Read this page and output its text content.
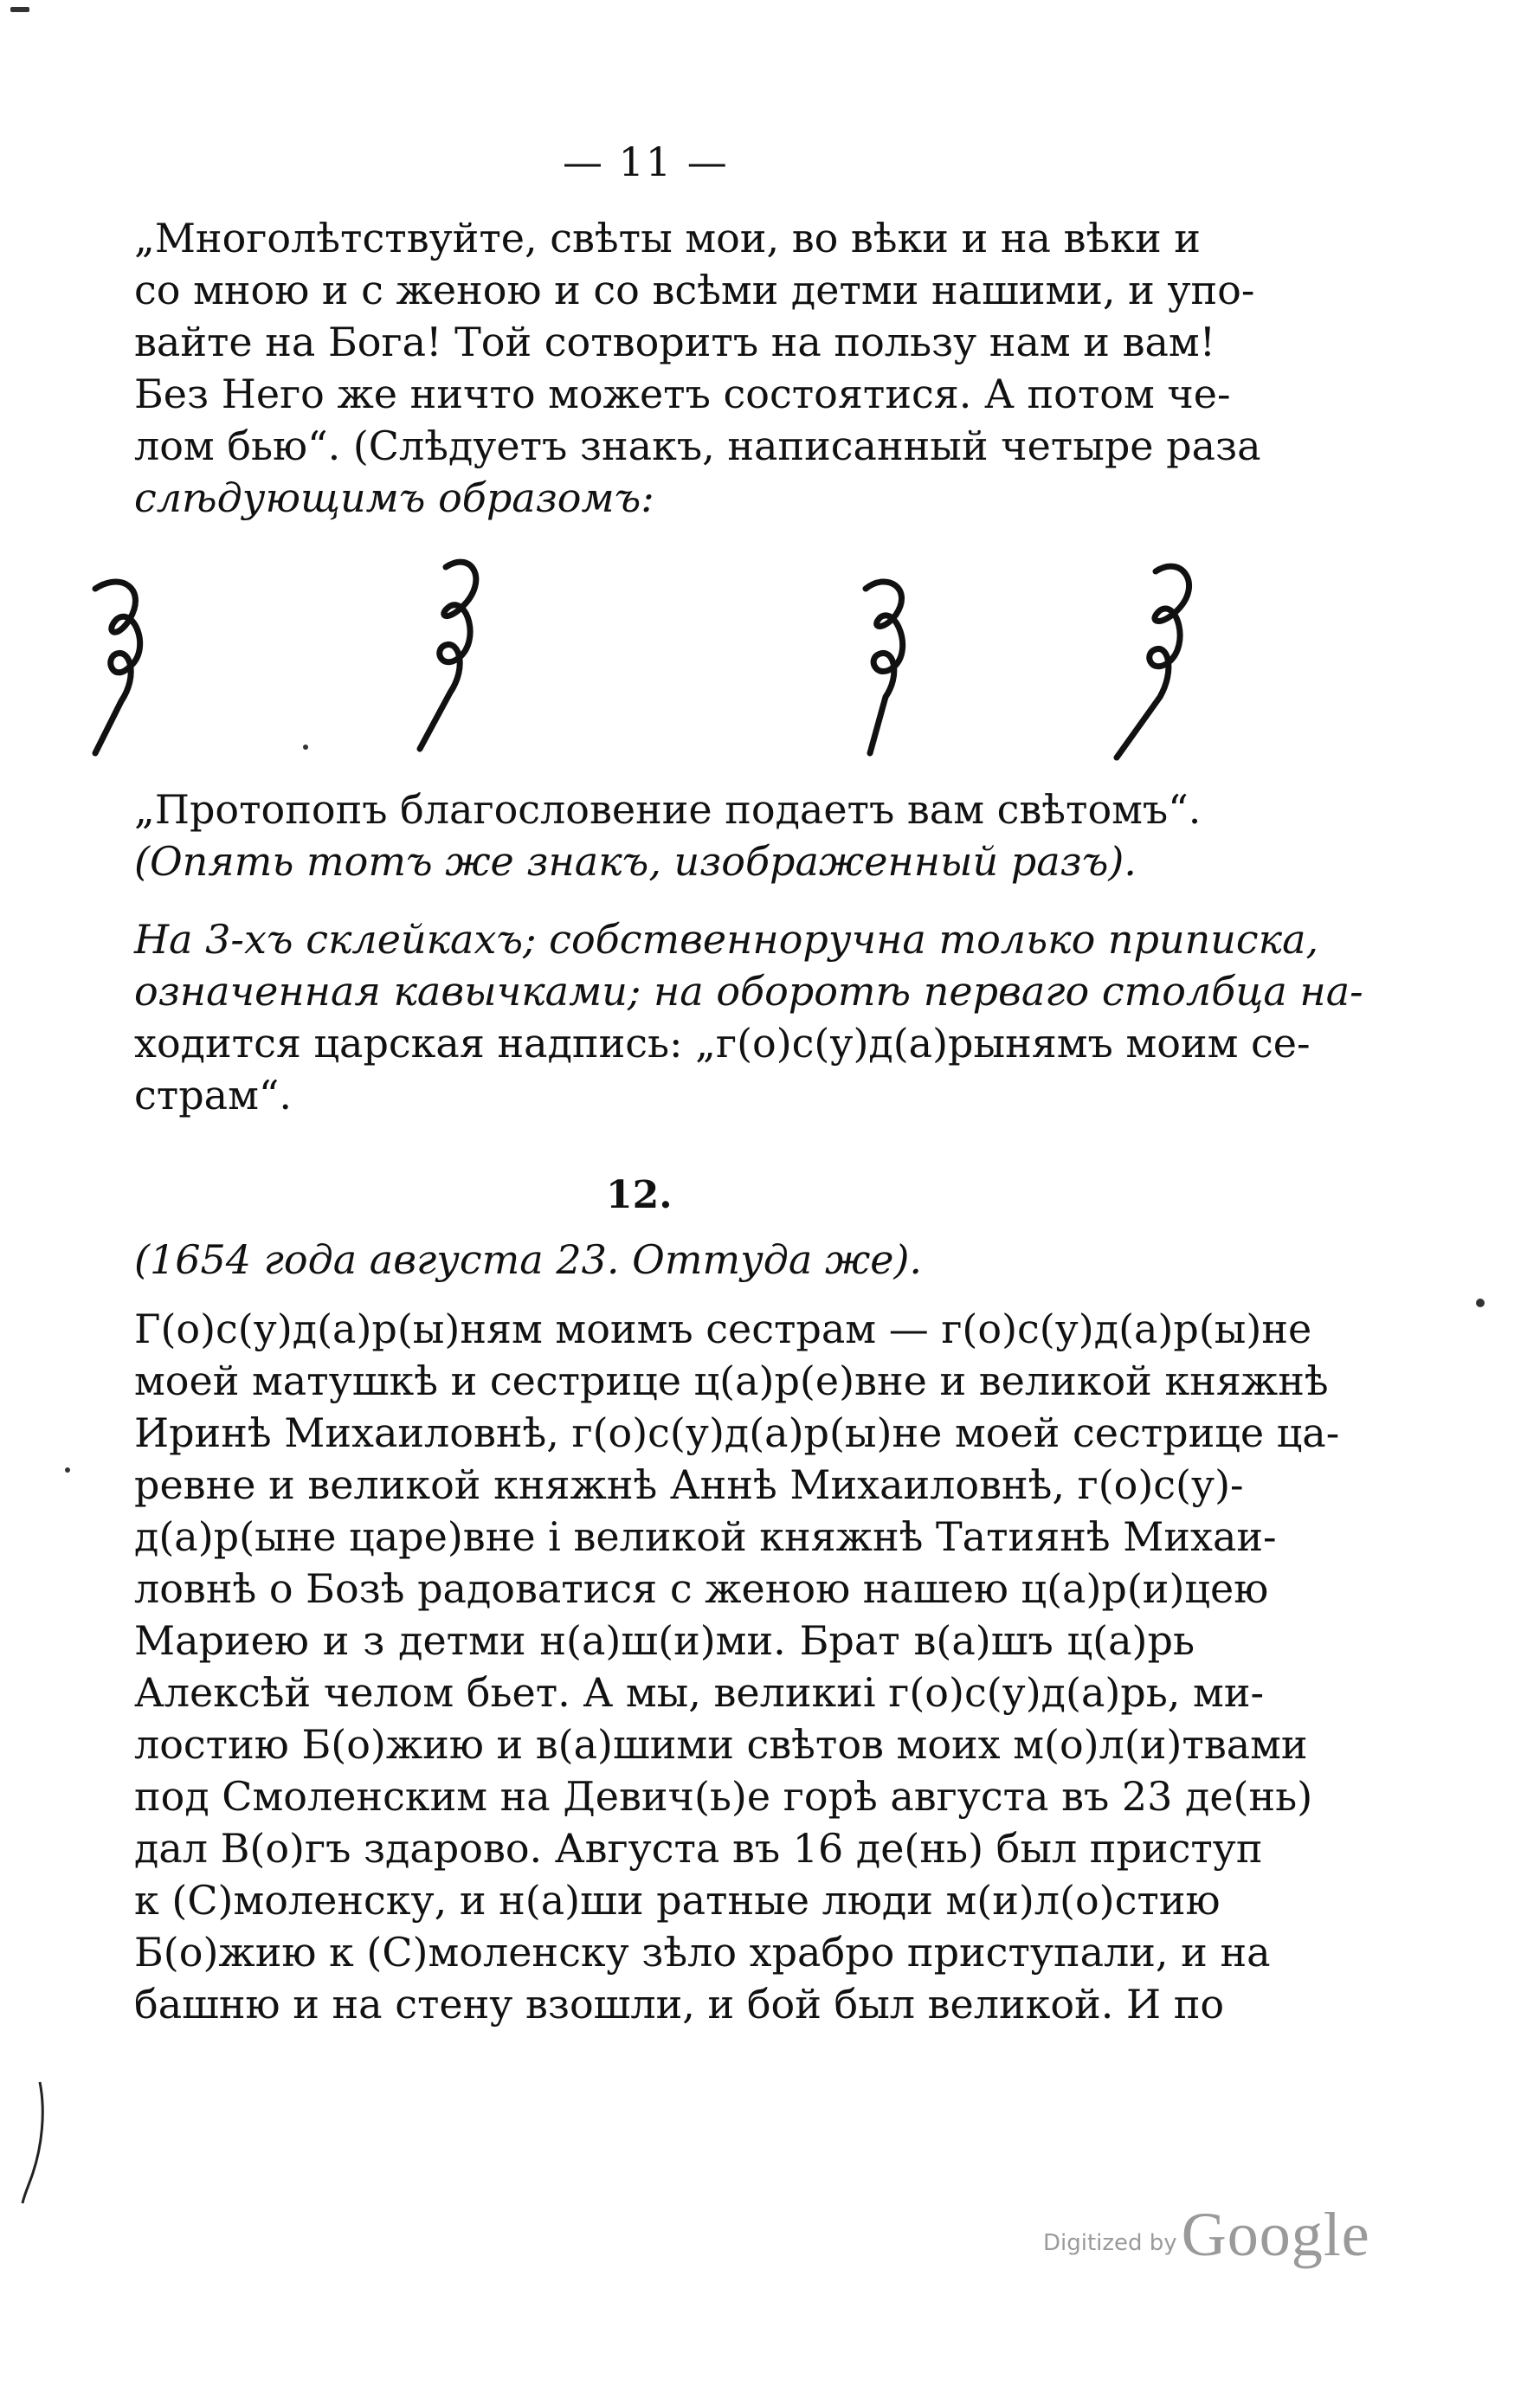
— 11 —
„Многолѣтствуйте, свѣты мои, во вѣки и на вѣки и
со мною и с женою и со всѣми детми нашими, и упо-
вайте на Бога! Той сотворитъ на пользу нам и вам!
Без Него же ничто можетъ состоятися. А потом че-
лом бью“. (Слѣдуетъ знакъ, написанный четыре раза
слѣдующимъ образомъ:
„Протопопъ благословение подаетъ вам свѣтомъ“.
(Опять тотъ же знакъ, изображенный разъ).
На 3-хъ склейкахъ; собственноручна только приписка,
означенная кавычками; на оборотѣ перваго столбца на-
ходится царская надпись: „г(о)с(у)д(а)рынямъ моим се-
страм“.
12.
(1654 года августа 23. Оттуда же).
Г(о)с(у)д(а)р(ы)ням моимъ сестрам — г(о)с(у)д(а)р(ы)не
моей матушкѣ и сестрице ц(а)р(е)вне и великой княжнѣ
Иринѣ Михаиловнѣ, г(о)с(у)д(а)р(ы)не моей сестрице ца-
ревне и великой княжнѣ Аннѣ Михаиловнѣ, г(о)с(у)-
д(а)р(ыне царе)вне і великой княжнѣ Татиянѣ Михаи-
ловнѣ о Бозѣ радоватися с женою нашею ц(а)р(и)цею
Мариею и з детми н(а)ш(и)ми. Брат в(а)шъ ц(а)рь
Алексѣй челом бьет. А мы, великиі г(о)с(у)д(а)рь, ми-
лостию Б(о)жию и в(а)шими свѣтов моих м(о)л(и)твами
под Смоленским на Девич(ь)е горѣ августа въ 23 де(нь)
дал В(о)гъ здарово. Августа въ 16 де(нь) был приступ
к (С)моленску, и н(а)ши ратные люди м(и)л(о)стию
Б(о)жию к (С)моленску зѣло храбро приступали, и на
башню и на стену взошли, и бой был великой. И по
Digitized by Google
